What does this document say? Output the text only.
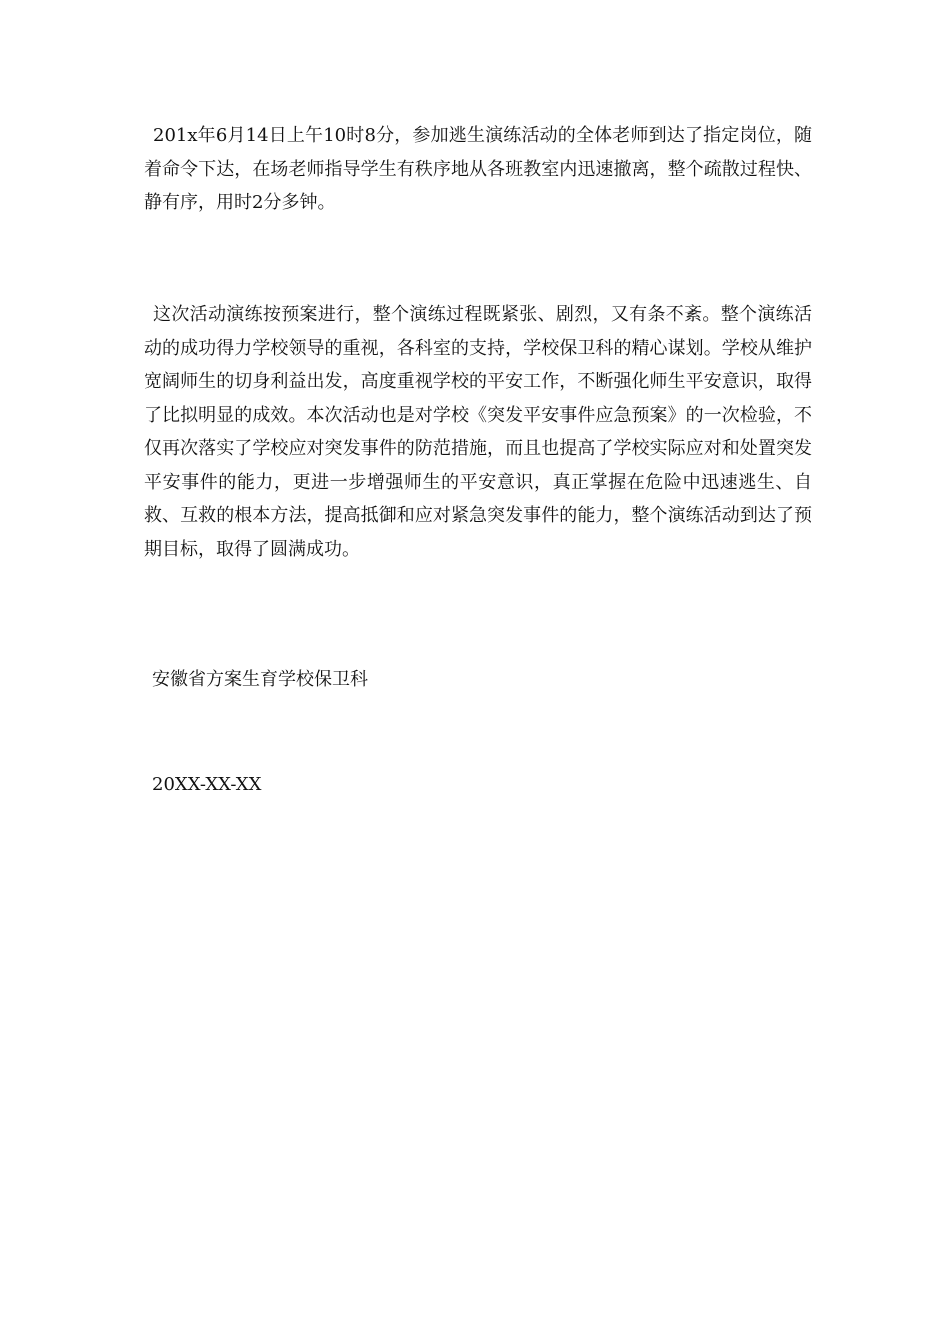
201x年6月14日上午10时8分，参加逃生演练活动的全体老师到达了指定岗位，随着命令下达，在场老师指导学生有秩序地从各班教室内迅速撤离，整个疏散过程快、静有序，用时2分多钟。

这次活动演练按预案进行，整个演练过程既紧张、剧烈，又有条不紊。整个演练活动的成功得力学校领导的重视，各科室的支持，学校保卫科的精心谋划。学校从维护宽阔师生的切身利益出发，高度重视学校的平安工作，不断强化师生平安意识，取得了比拟明显的成效。本次活动也是对学校《突发平安事件应急预案》的一次检验，不仅再次落实了学校应对突发事件的防范措施，而且也提高了学校实际应对和处置突发平安事件的能力，更进一步增强师生的平安意识，真正掌握在危险中迅速逃生、自救、互救的根本方法，提高抵御和应对紧急突发事件的能力，整个演练活动到达了预期目标，取得了圆满成功。

安徽省方案生育学校保卫科

20XX-XX-XX
